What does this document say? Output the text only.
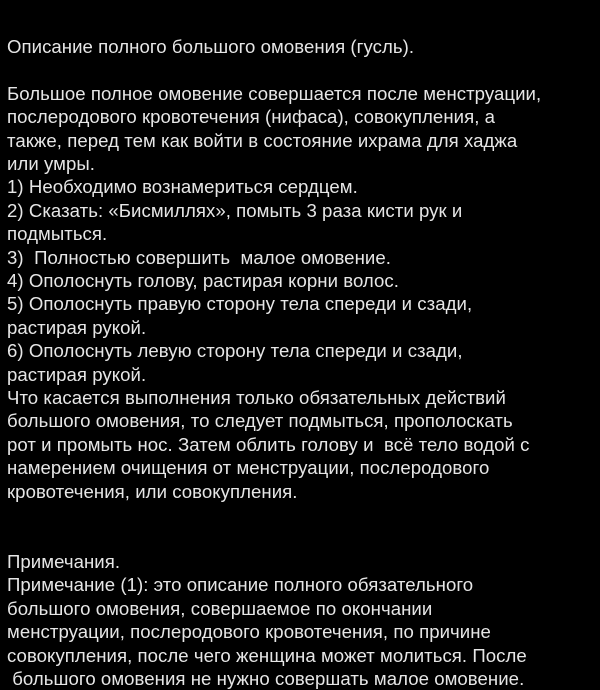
Описание полного большого омовения (гусль).
Большое полное омовение совершается после менструации,
послеродового кровотечения (нифаса), совокупления, а
также, перед тем как войти в состояние ихрама для хаджа
или умры.
1) Необходимо вознамериться сердцем.
2) Сказать: «Бисмиллях», помыть 3 раза кисти рук и
подмыться.
3)  Полностью совершить  малое омовение.
4) Ополоснуть голову, растирая корни волос.
5) Ополоснуть правую сторону тела спереди и сзади,
растирая рукой.
6) Ополоснуть левую сторону тела спереди и сзади,
растирая рукой.
Что касается выполнения только обязательных действий
большого омовения, то следует подмыться, прополоскать
рот и промыть нос. Затем облить голову и  всё тело водой с
намерением очищения от менструации, послеродового
кровотечения, или совокупления.
Примечания.
Примечание (1): это описание полного обязательного
большого омовения, совершаемое по окончании
менструации, послеродового кровотечения, по причине
совокупления, после чего женщина может молиться. После
большого омовения не нужно совершать малое омовение.
